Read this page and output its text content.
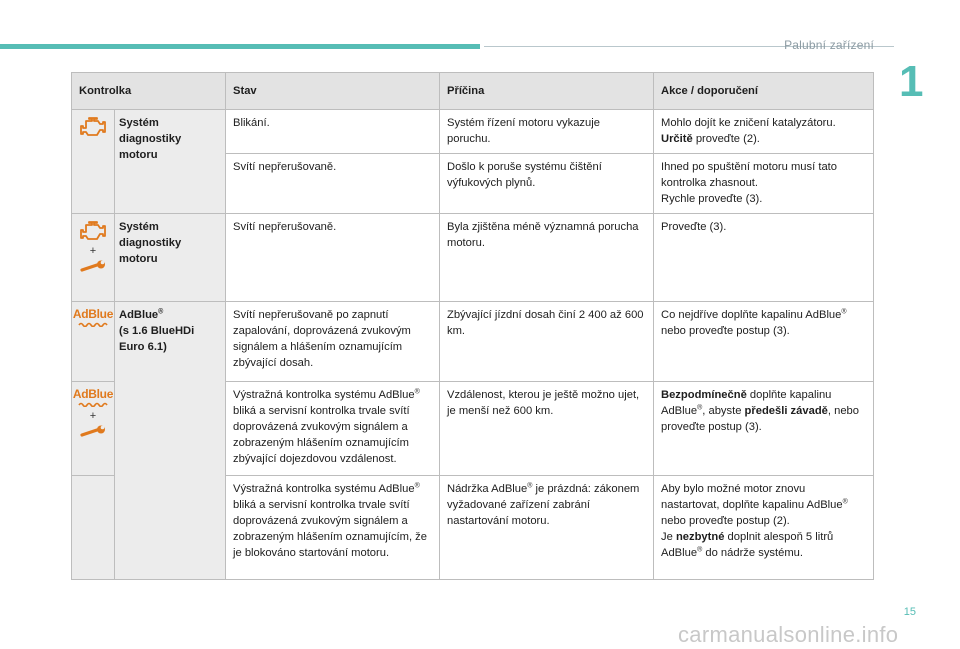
Palubní zařízení
1
Kontrolka		Stav	Příčina	Akce / doporučení

Systém
diagnostiky
motoru	Blikání.	Systém řízení motoru vykazuje poruchu.	Mohlo dojít ke zničení katalyzátoru.
Určitě proveďte (2).
		Svítí nepřerušovaně.	Došlo k poruše systému čištění výfukových plynů.	Ihned po spuštění motoru musí tato kontrolka zhasnout.
Rychle proveďte (3).

+	Systém
diagnostiky
motoru	Svítí nepřerušovaně.	Byla zjištěna méně významná porucha motoru.	Proveďte (3).

AdBlue	AdBlue®
(s 1.6 BlueHDi
Euro 6.1)	Svítí nepřerušovaně po zapnutí zapalování, doprovázená zvukovým signálem a hlášením oznamujícím zbývající dosah.	Zbývající jízdní dosah činí 2 400 až 600 km.	Co nejdříve doplňte kapalinu AdBlue® nebo proveďte postup (3).

AdBlue
+		Výstražná kontrolka systému AdBlue® bliká a servisní kontrolka trvale svítí doprovázená zvukovým signálem a zobrazeným hlášením oznamujícím zbývající dojezdovou vzdálenost.	Vzdálenost, kterou je ještě možno ujet, je menší než 600 km.	Bezpodmínečně doplňte kapalinu AdBlue®, abyste předešli závadě, nebo proveďte postup (3).
		Výstražná kontrolka systému AdBlue® bliká a servisní kontrolka trvale svítí doprovázená zvukovým signálem a zobrazeným hlášením oznamujícím, že je blokováno startování motoru.	Nádržka AdBlue® je prázdná: zákonem vyžadované zařízení zabrání nastartování motoru.	Aby bylo možné motor znovu nastartovat, doplňte kapalinu AdBlue® nebo proveďte postup (2).
Je nezbytné doplnit alespoň 5 litrů AdBlue® do nádrže systému.
15
carmanualsonline.info
